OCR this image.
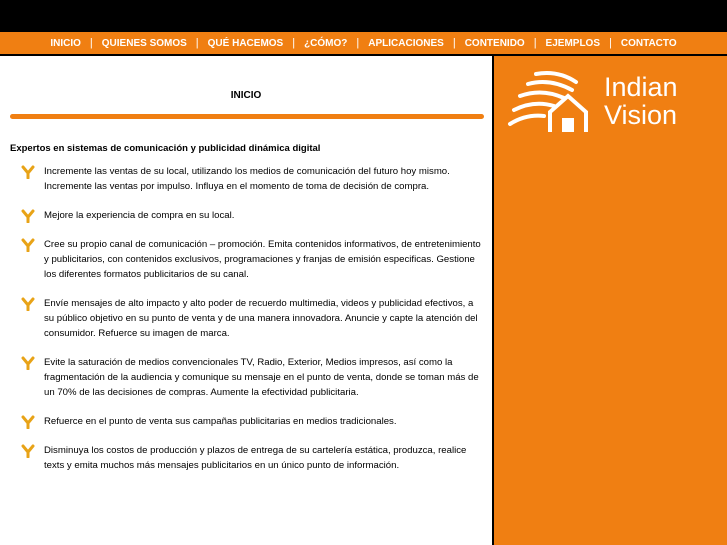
INICIO | QUIENES SOMOS | QUÉ HACEMOS | ¿CÓMO? | APLICACIONES | CONTENIDO | EJEMPLOS | CONTACTO
INICIO
Expertos en sistemas de comunicación y publicidad dinámica digital
Incremente las ventas de su local, utilizando los medios de comunicación del futuro hoy mismo. Incremente las ventas por impulso. Influya en el momento de toma de decisión de compra.
Mejore la experiencia de compra en su local.
Cree su propio canal de comunicación – promoción. Emita contenidos informativos, de entretenimiento y publicitarios, con contenidos exclusivos, programaciones y franjas de emisión especificas. Gestione los diferentes formatos publicitarios de su canal.
Envíe mensajes de alto impacto y alto poder de recuerdo multimedia, videos y publicidad efectivos, a su público objetivo en su punto de venta y de una manera innovadora. Anuncie y capte la atención del consumidor. Refuerce su imagen de marca.
Evite la saturación de medios convencionales TV, Radio, Exterior, Medios impresos, así como la fragmentación de la audiencia y comunique su mensaje en el punto de venta, donde se toman más de un 70% de las decisiones de compras. Aumente la efectividad publicitaria.
Refuerce en el punto de venta sus campañas publicitarias en medios tradicionales.
Disminuya los costos de producción y plazos de entrega de su cartelería estática, produzca, realice texts y emita muchos más mensajes publicitarios en un único punto de información.
Indian
Vision
